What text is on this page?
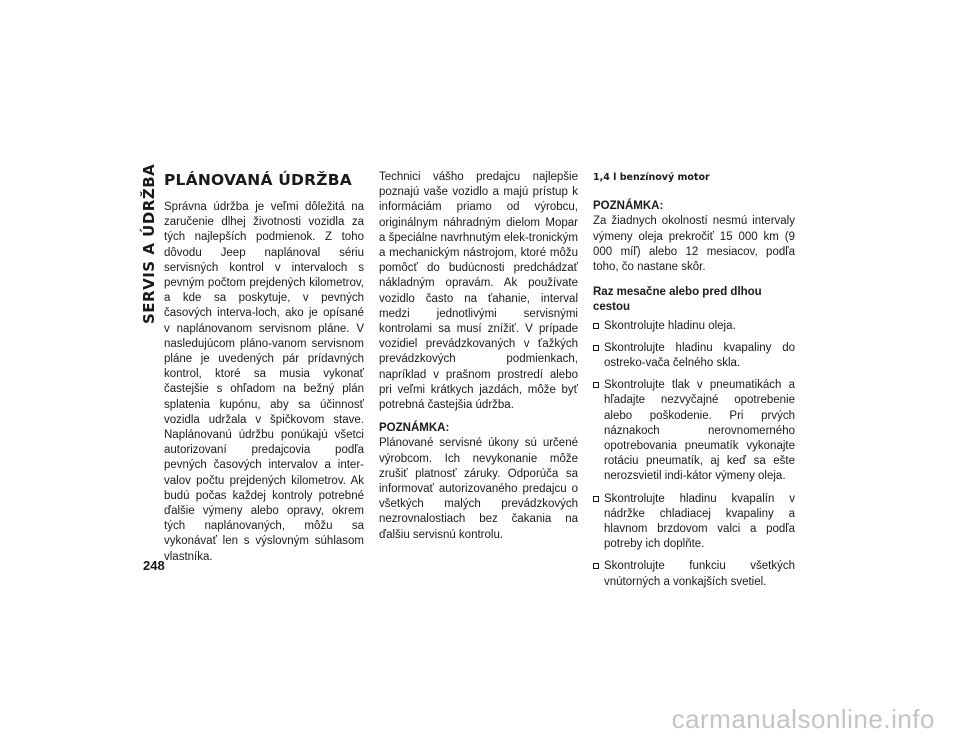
SERVIS A ÚDRŽBA PLÁNOVANÁ ÚDRŽBA

Správna údržba je veľmi dôležitá na zaručenie dlhej životnosti vozidla za tých najlepších podmienok. Z toho dôvodu Jeep naplánoval sériu servisných kontrol v intervaloch s pevným počtom prejdených kilometrov, a kde sa poskytuje, v pevných časových interva-loch, ako je opísané v naplánovanom servisnom pláne. V nasledujúcom pláno-vanom servisnom pláne je uvedených pár prídavných kontrol, ktoré sa musia vykonať častejšie s ohľadom na bežný plán splatenia kupónu, aby sa účinnosť vozidla udržala v špičkovom stave. Naplánovanú údržbu ponúkajú všetci autorizovaní predajcovia podľa pevných časových intervalov a inter-valov počtu prejdených kilometrov. Ak budú počas každej kontroly potrebné ďalšie výmeny alebo opravy, okrem tých naplánovaných, môžu sa vykonávať len s výslovným súhlasom vlastníka.

Technici vášho predajcu najlepšie poznajú vaše vozidlo a majú prístup k informáciám priamo od výrobcu, originálnym náhradným dielom Mopar a špeciálne navrhnutým elek-tronickým a mechanickým nástrojom, ktoré môžu pomôcť do budúcnosti predchádzať nákladným opravám. Ak používate vozidlo často na ťahanie, interval medzi jednotlivými servisnými kontrolami sa musí znížiť. V prípade vozidiel prevádzkovaných v ťažkých prevádzkových podmienkach, napríklad v prašnom prostredí alebo pri veľmi krátkych jazdách, môže byť potrebná častejšia údržba.

POZNÁMKA:

Plánované servisné úkony sú určené výrobcom. Ich nevykonanie môže zrušiť platnosť záruky. Odporúča sa informovať autorizovaného predajcu o všetkých malých prevádzkových nezrovnalostiach bez čakania na ďalšiu servisnú kontrolu.

1,4 l benzínový motor

POZNÁMKA:

Za žiadnych okolností nesmú intervaly výmeny oleja prekročiť 15 000 km (9 000 míľ) alebo 12 mesiacov, podľa toho, čo nastane skôr.

Raz mesačne alebo pred dlhou cestou
Skontrolujte hladinu oleja.
Skontrolujte hladinu kvapaliny do ostreko-vača čelného skla.
Skontrolujte tlak v pneumatikách a hľadajte nezvyčajné opotrebenie alebo poškodenie. Pri prvých náznakoch nerovnomerného opotrebovania pneumatík vykonajte rotáciu pneumatík, aj keď sa ešte nerozsvietil indi-kátor výmeny oleja.
Skontrolujte hladinu kvapalín v nádržke chladiacej kvapaliny a hlavnom brzdovom valci a podľa potreby ich doplňte.
Skontrolujte funkciu všetkých vnútorných a vonkajších svetiel.
248
carmanualsonline.info
